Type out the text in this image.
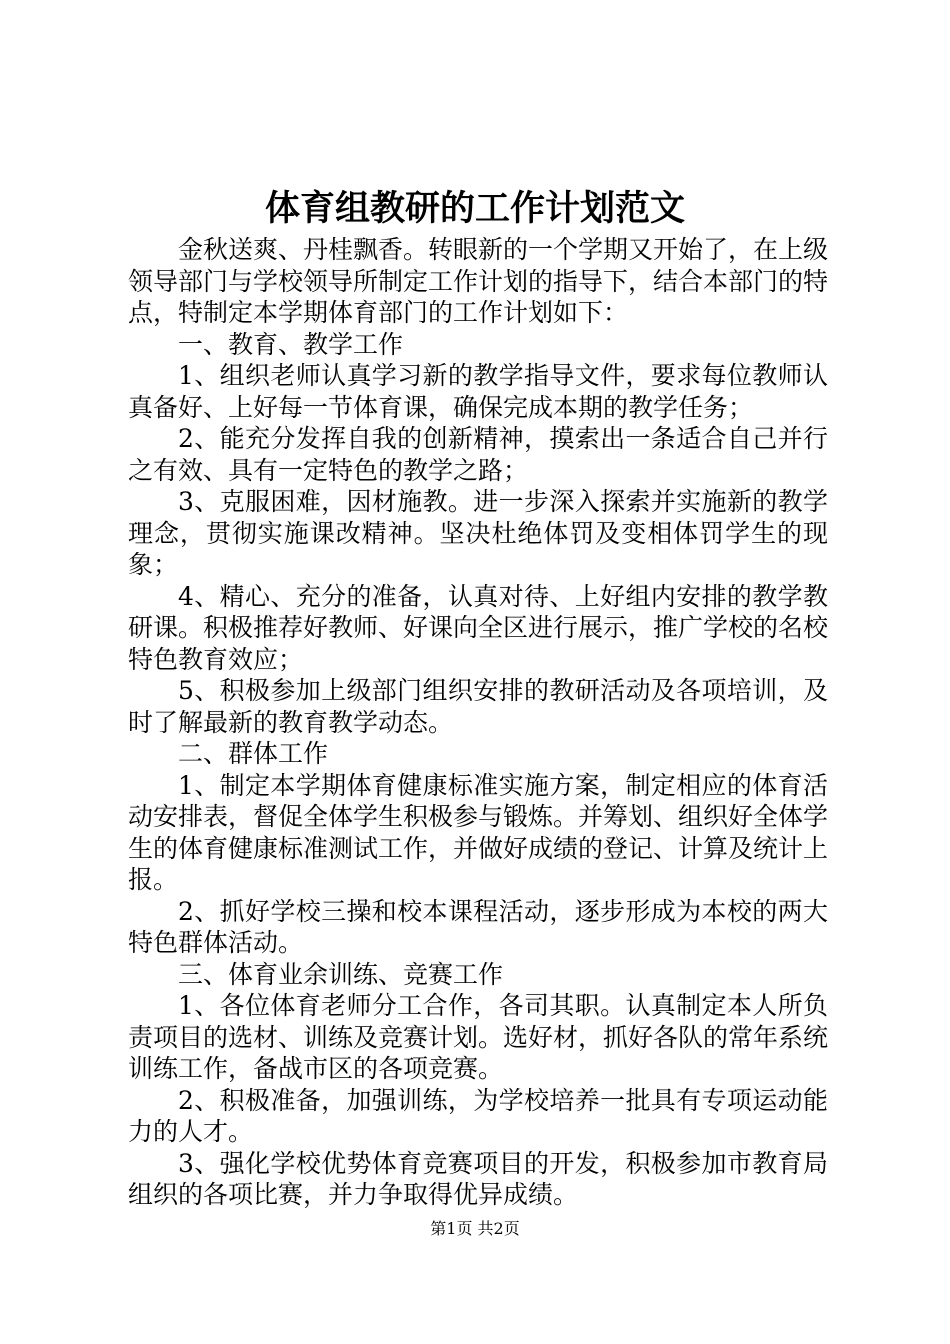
体育组教研的工作计划范文

金秋送爽、丹桂飘香。转眼新的一个学期又开始了，在上级领导部门与学校领导所制定工作计划的指导下，结合本部门的特点，特制定本学期体育部门的工作计划如下：

一、教育、教学工作

1、组织老师认真学习新的教学指导文件，要求每位教师认真备好、上好每一节体育课，确保完成本期的教学任务；

2、能充分发挥自我的创新精神，摸索出一条适合自己并行之有效、具有一定特色的教学之路；

3、克服困难，因材施教。进一步深入探索并实施新的教学理念，贯彻实施课改精神。坚决杜绝体罚及变相体罚学生的现象；

4、精心、充分的准备，认真对待、上好组内安排的教学教研课。积极推荐好教师、好课向全区进行展示，推广学校的名校特色教育效应；

5、积极参加上级部门组织安排的教研活动及各项培训，及时了解最新的教育教学动态。

二、群体工作

1、制定本学期体育健康标准实施方案，制定相应的体育活动安排表，督促全体学生积极参与锻炼。并筹划、组织好全体学生的体育健康标准测试工作，并做好成绩的登记、计算及统计上报。

2、抓好学校三操和校本课程活动，逐步形成为本校的两大特色群体活动。

三、体育业余训练、竞赛工作

1、各位体育老师分工合作，各司其职。认真制定本人所负责项目的选材、训练及竞赛计划。选好材，抓好各队的常年系统训练工作，备战市区的各项竞赛。

2、积极准备，加强训练，为学校培养一批具有专项运动能力的人才。

3、强化学校优势体育竞赛项目的开发，积极参加市教育局组织的各项比赛，并力争取得优异成绩。

第1页 共2页
